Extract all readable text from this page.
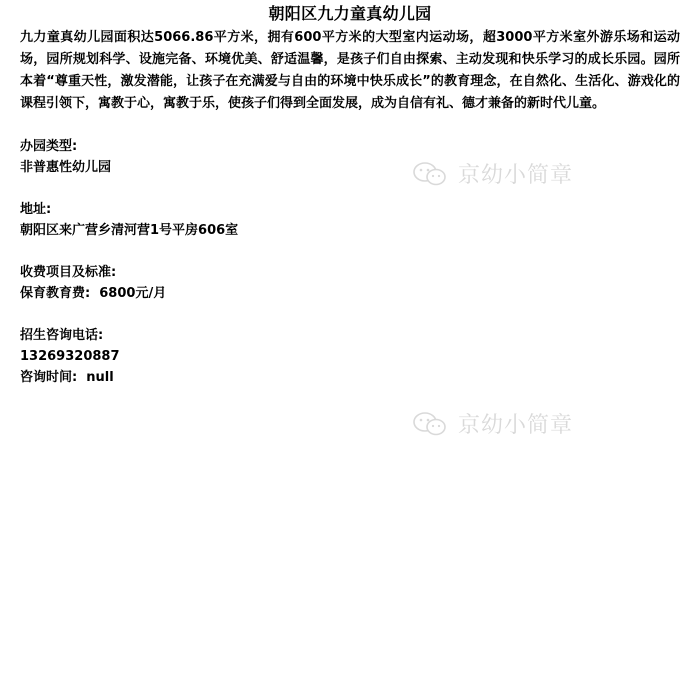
朝阳区九力童真幼儿园
九力童真幼儿园面积达5066.86平方米，拥有600平方米的大型室内运动场，超3000平方米室外游乐场和运动场，园所规划科学、设施完备、环境优美、舒适温馨，是孩子们自由探索、主动发现和快乐学习的成长乐园。园所本着“尊重天性，激发潜能，让孩子在充满爱与自由的环境中快乐成长”的教育理念，在自然化、生活化、游戏化的课程引领下，寓教于心，寓教于乐，使孩子们得到全面发展，成为自信有礼、德才兼备的新时代儿童。
办园类型:
非普惠性幼儿园
地址:
朝阳区来广营乡清河营1号平房606室
收费项目及标准:
保育教育费: 6800元/月
招生咨询电话:
13269320887
咨询时间: null
京幼小简章
京幼小简章
